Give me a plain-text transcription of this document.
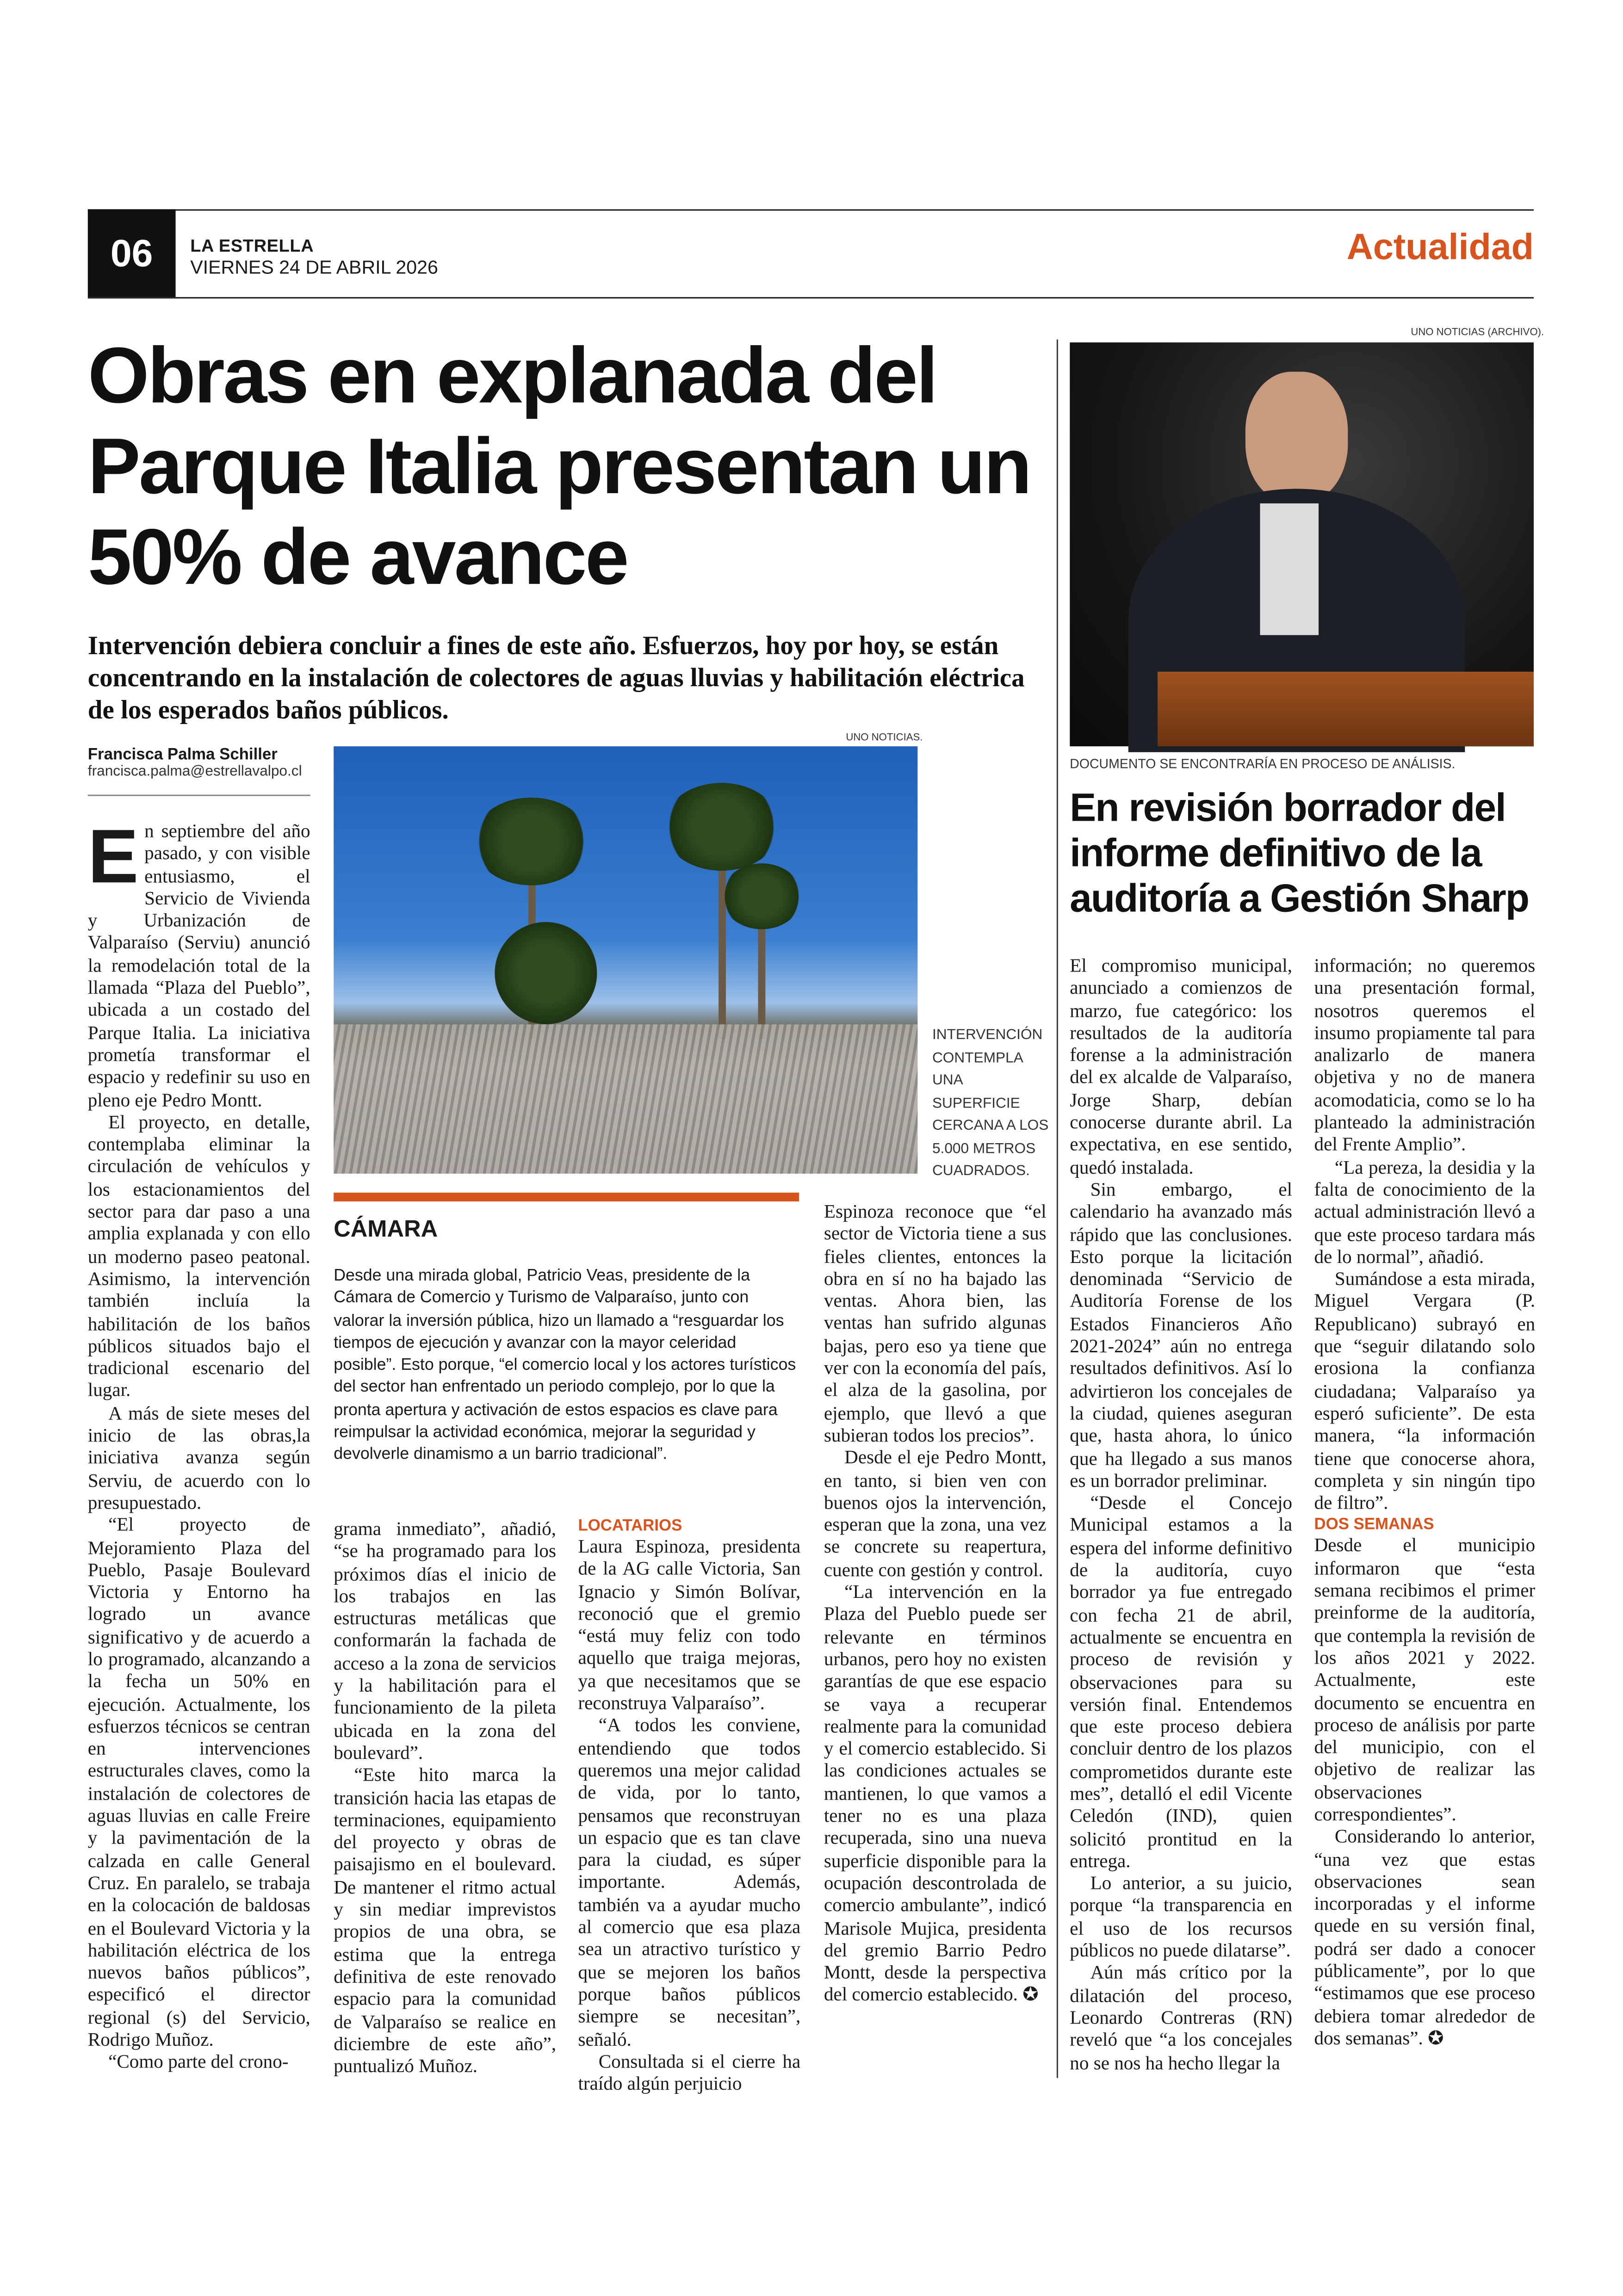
06	LA ESTRELLA
VIERNES 24 DE ABRIL 2026	Actualidad
Obras en explanada del Parque Italia presentan un 50% de avance
Intervención debiera concluir a fines de este año. Esfuerzos, hoy por hoy, se están concentrando en la instalación de colectores de aguas lluvias y habilitación eléctrica de los esperados baños públicos.
Francisca Palma Schiller
francisca.palma@estrellavalpo.cl
UNO NOTICIAS.
INTERVENCIÓN CONTEMPLA UNA SUPERFICIE CERCANA A LOS 5.000 METROS CUADRADOS.
E n septiembre del año pasado, y con visible entusiasmo, el Servicio de Vivienda y Urbanización de Valparaíso (Serviu) anunció la remodelación total de la llamada “Plaza del Pueblo”, ubicada a un costado del Parque Italia. La iniciativa prometía transformar el espacio y redefinir su uso en pleno eje Pedro Montt.

El proyecto, en detalle, contemplaba eliminar la circulación de vehículos y los estacionamientos del sector para dar paso a una amplia explanada y con ello un moderno paseo peatonal. Asimismo, la intervención también incluía la habilitación de los baños públicos situados bajo el tradicional escenario del lugar.

A más de siete meses del inicio de las obras,la iniciativa avanza según Serviu, de acuerdo con lo presupuestado.

“El proyecto de Mejoramiento Plaza del Pueblo, Pasaje Boulevard Victoria y Entorno ha logrado un avance significativo y de acuerdo a lo programado, alcanzando a la fecha un 50% en ejecución. Actualmente, los esfuerzos técnicos se centran en intervenciones estructurales claves, como la instalación de colectores de aguas lluvias en calle Freire y la pavimentación de la calzada en calle General Cruz. En paralelo, se trabaja en la colocación de baldosas en el Boulevard Victoria y la habilitación eléctrica de los nuevos baños públicos”, especificó el director regional (s) del Servicio, Rodrigo Muñoz.

“Como parte del crono-

CÁMARA
Desde una mirada global, Patricio Veas, presidente de la Cámara de Comercio y Turismo de Valparaíso, junto con valorar la inversión pública, hizo un llamado a “resguardar los tiempos de ejecución y avanzar con la mayor celeridad posible”. Esto porque, “el comercio local y los actores turísticos del sector han enfrentado un periodo complejo, por lo que la pronta apertura y activación de estos espacios es clave para reimpulsar la actividad económica, mejorar la seguridad y devolverle dinamismo a un barrio tradicional”.

grama inmediato”, añadió, “se ha programado para los próximos días el inicio de los trabajos en las estructuras metálicas que conformarán la fachada de acceso a la zona de servicios y la habilitación para el funcionamiento de la pileta ubicada en la zona del boulevard”.

“Este hito marca la transición hacia las etapas de terminaciones, equipamiento del proyecto y obras de paisajismo en el boulevard. De mantener el ritmo actual y sin mediar imprevistos propios de una obra, se estima que la entrega definitiva de este renovado espacio para la comunidad de Valparaíso se realice en diciembre de este año”, puntualizó Muñoz.

LOCATARIOS

Laura Espinoza, presidenta de la AG calle Victoria, San Ignacio y Simón Bolívar, reconoció que el gremio “está muy feliz con todo aquello que traiga mejoras, ya que necesitamos que se reconstruya Valparaíso”.

“A todos les conviene, entendiendo que todos queremos una mejor calidad de vida, por lo tanto, pensamos que reconstruyan un espacio que es tan clave para la ciudad, es súper importante. Además, también va a ayudar mucho al comercio que esa plaza sea un atractivo turístico y que se mejoren los baños porque baños públicos siempre se necesitan”, señaló.

Consultada si el cierre ha traído algún perjuicio

Espinoza reconoce que “el sector de Victoria tiene a sus fieles clientes, entonces la obra en sí no ha bajado las ventas. Ahora bien, las ventas han sufrido algunas bajas, pero eso ya tiene que ver con la economía del país, el alza de la gasolina, por ejemplo, que llevó a que subieran todos los precios”.

Desde el eje Pedro Montt, en tanto, si bien ven con buenos ojos la intervención, esperan que la zona, una vez se concrete su reapertura, cuente con gestión y control.

“La intervención en la Plaza del Pueblo puede ser relevante en términos urbanos, pero hoy no existen garantías de que ese espacio se vaya a recuperar realmente para la comunidad y el comercio establecido. Si las condiciones actuales se mantienen, lo que vamos a tener no es una plaza recuperada, sino una nueva superficie disponible para la ocupación descontrolada de comercio ambulante”, indicó Marisole Mujica, presidenta del gremio Barrio Pedro Montt, desde la perspectiva del comercio establecido. ✪

UNO NOTICIAS (ARCHIVO).
DOCUMENTO SE ENCONTRARÍA EN PROCESO DE ANÁLISIS.
En revisión borrador del informe definitivo de la auditoría a Gestión Sharp

El compromiso municipal, anunciado a comienzos de marzo, fue categórico: los resultados de la auditoría forense a la administración del ex alcalde de Valparaíso, Jorge Sharp, debían conocerse durante abril. La expectativa, en ese sentido, quedó instalada.

Sin embargo, el calendario ha avanzado más rápido que las conclusiones. Esto porque la licitación denominada “Servicio de Auditoría Forense de los Estados Financieros Año 2021-2024” aún no entrega resultados definitivos. Así lo advirtieron los concejales de la ciudad, quienes aseguran que, hasta ahora, lo único que ha llegado a sus manos es un borrador preliminar.

“Desde el Concejo Municipal estamos a la espera del informe definitivo de la auditoría, cuyo borrador ya fue entregado con fecha 21 de abril, actualmente se encuentra en proceso de revisión y observaciones para su versión final. Entendemos que este proceso debiera concluir dentro de los plazos comprometidos durante este mes”, detalló el edil Vicente Celedón (IND), quien solicitó prontitud en la entrega.

Lo anterior, a su juicio, porque “la transparencia en el uso de los recursos públicos no puede dilatarse”.

Aún más crítico por la dilatación del proceso, Leonardo Contreras (RN) reveló que “a los concejales no se nos ha hecho llegar la

información; no queremos una presentación formal, nosotros queremos el insumo propiamente tal para analizarlo de manera objetiva y no de manera acomodaticia, como se lo ha planteado la administración del Frente Amplio”.

“La pereza, la desidia y la falta de conocimiento de la actual administración llevó a que este proceso tardara más de lo normal”, añadió.

Sumándose a esta mirada, Miguel Vergara (P. Republicano) subrayó en que “seguir dilatando solo erosiona la confianza ciudadana; Valparaíso ya esperó suficiente”. De esta manera, “la información tiene que conocerse ahora, completa y sin ningún tipo de filtro”.

DOS SEMANAS

Desde el municipio informaron que “esta semana recibimos el primer preinforme de la auditoría, que contempla la revisión de los años 2021 y 2022. Actualmente, este documento se encuentra en proceso de análisis por parte del municipio, con el objetivo de realizar las observaciones correspondientes”.

Considerando lo anterior, “una vez que estas observaciones sean incorporadas y el informe quede en su versión final, podrá ser dado a conocer públicamente”, por lo que “estimamos que ese proceso debiera tomar alrededor de dos semanas”. ✪
